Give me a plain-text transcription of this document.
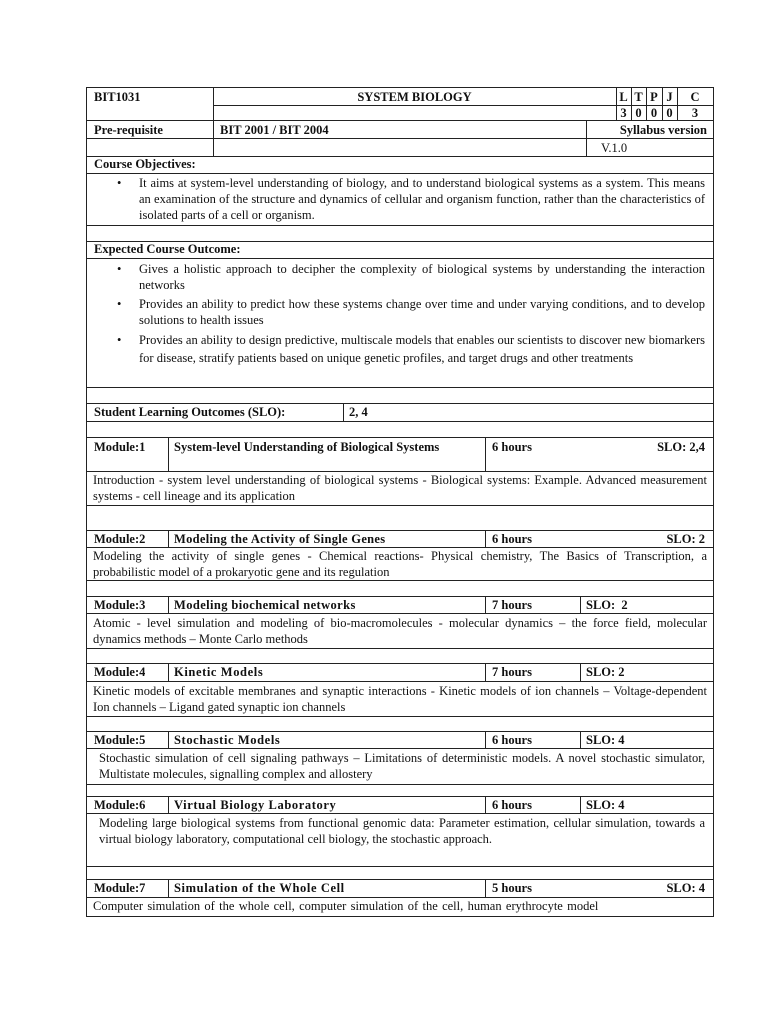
BIT1031	SYSTEM BIOLOGY	L T P J	C
3 0 0 0	3
Pre-requisite	BIT 2001 / BIT 2004	Syllabus version
V.1.0
Course Objectives:
• It aims at system-level understanding of biology, and to understand biological systems as a system. This means an examination of the structure and dynamics of cellular and organism function, rather than the characteristics of isolated parts of a cell or organism.
Expected Course Outcome:
• Gives a holistic approach to decipher the complexity of biological systems by understanding the interaction networks
• Provides an ability to predict how these systems change over time and under varying conditions, and to develop solutions to health issues
• Provides an ability to design predictive, multiscale models that enables our scientists to discover new biomarkers for disease, stratify patients based on unique genetic profiles, and target drugs and other treatments
Student Learning Outcomes (SLO):	2, 4
Module:1 System-level Understanding of Biological Systems	6 hours	SLO: 2,4
Introduction - system level understanding of biological systems - Biological systems: Example. Advanced measurement systems - cell lineage and its application
Module:2 Modeling the Activity of Single Genes	6 hours	SLO: 2
Modeling the activity of single genes - Chemical reactions- Physical chemistry, The Basics of Transcription, a probabilistic model of a prokaryotic gene and its regulation
Module:3 Modeling biochemical networks	7 hours	SLO:  2
Atomic - level simulation and modeling of bio-macromolecules - molecular dynamics – the force field, molecular dynamics methods – Monte Carlo methods
Module:4 Kinetic Models	7 hours	SLO: 2
Kinetic models of excitable membranes and synaptic interactions - Kinetic models of ion channels – Voltage-dependent Ion channels – Ligand gated synaptic ion channels
Module:5 Stochastic Models	6 hours	SLO: 4
Stochastic simulation of cell signaling pathways – Limitations of deterministic models. A novel stochastic simulator, Multistate molecules, signalling complex and allostery
Module:6 Virtual Biology Laboratory	6 hours	SLO: 4
Modeling large biological systems from functional genomic data: Parameter estimation, cellular simulation, towards a virtual biology laboratory, computational cell biology, the stochastic approach.
Module:7 Simulation of the Whole Cell	5 hours	SLO: 4
Computer simulation of the whole cell, computer simulation of the cell, human erythrocyte model
